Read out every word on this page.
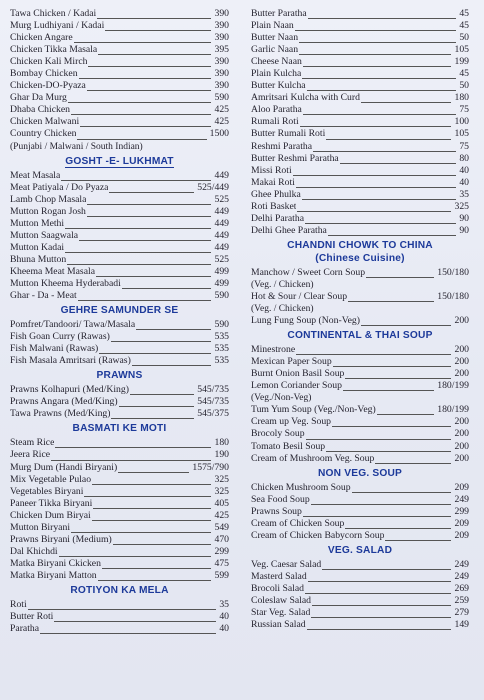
Tawa Chicken / Kadai	390
Murg Ludhiyani / Kadai	390
Chicken Angare	390
Chicken Tikka Masala	395
Chicken Kali Mirch	390
Bombay Chicken	390
Chicken-DO-Pyaza	390
Ghar Da Murg	590
Dhaba Chicken	425
Chicken Malwani	425
Country Chicken	1500
(Punjabi / Malwani / South Indian)
GOSHT -E- LUKHMAT
Meat Masala	449
Meat Patiyala / Do Pyaza	525/449
Lamb Chop Masala	525
Mutton Rogan Josh	449
Mutton Methi	449
Mutton Saagwala	449
Mutton Kadai	449
Bhuna Mutton	525
Kheema Meat Masala	499
Mutton Kheema Hyderabadi	499
Ghar - Da - Meat	590
GEHRE SAMUNDER SE
Pomfret/Tandoori/ Tawa/Masala	590
Fish Goan Curry (Rawas)	535
Fish Malwani (Rawas)	535
Fish Masala Amritsari (Rawas)	535
PRAWNS
Prawns Kolhapuri (Med/King)	545/735
Prawns Angara (Med/King)	545/735
Tawa Prawns (Med/King)	545/375
BASMATI KE MOTI
Steam Rice	180
Jeera Rice	190
Murg Dum (Handi Biryani)	1575/790
Mix Vegetable Pulao	325
Vegetables Biryani	325
Paneer Tikka Biryani	405
Chicken Dum Biryai	425
Mutton Biryani	549
Prawns Biryani (Medium)	470
Dal Khichdi	299
Matka Biryani Ckicken	475
Matka Biryani Matton	599
ROTIYON KA MELA
Roti	35
Butter Roti	40
Paratha	40
Butter Paratha	45
Plain Naan	45
Butter Naan	50
Garlic Naan	105
Cheese Naan	199
Plain Kulcha	45
Butter Kulcha	50
Amritsari Kulcha with Curd	180
Aloo Paratha	75
Rumali Roti	100
Butter Rumali Roti	105
Reshmi Paratha	75
Butter Reshmi Paratha	80
Missi Roti	40
Makai Roti	40
Ghee Phulka	35
Roti Basket	325
Delhi Paratha	90
Delhi Ghee Paratha	90
CHANDNI CHOWK TO CHINA
(Chinese Cuisine)
Manchow / Sweet Corn Soup	150/180
(Veg. / Chicken)
Hot & Sour / Clear Soup	150/180
(Veg. / Chicken)
Lung Fung Soup (Non-Veg)	200
CONTINENTAL & THAI SOUP
Minestrone	200
Mexican Paper Soup	200
Burnt Onion Basil Soup	200
Lemon Coriander Soup	180/199
(Veg./Non-Veg)
Tum Yum Soup (Veg./Non-Veg)	180/199
Cream up Veg. Soup	200
Brocoly Soup	200
Tomato Besil Soup	200
Cream of Mushroom Veg. Soup	200
NON VEG. SOUP
Chicken Mushroom Soup	209
Sea Food Soup	249
Prawns Soup	299
Cream of Chicken Soup	209
Cream of Chicken Babycorn Soup	209
VEG. SALAD
Veg. Caesar Salad	249
Masterd Salad	249
Brocoli Salad	269
Coleslaw Salad	259
Star Veg. Salad	279
Russian Salad	149
